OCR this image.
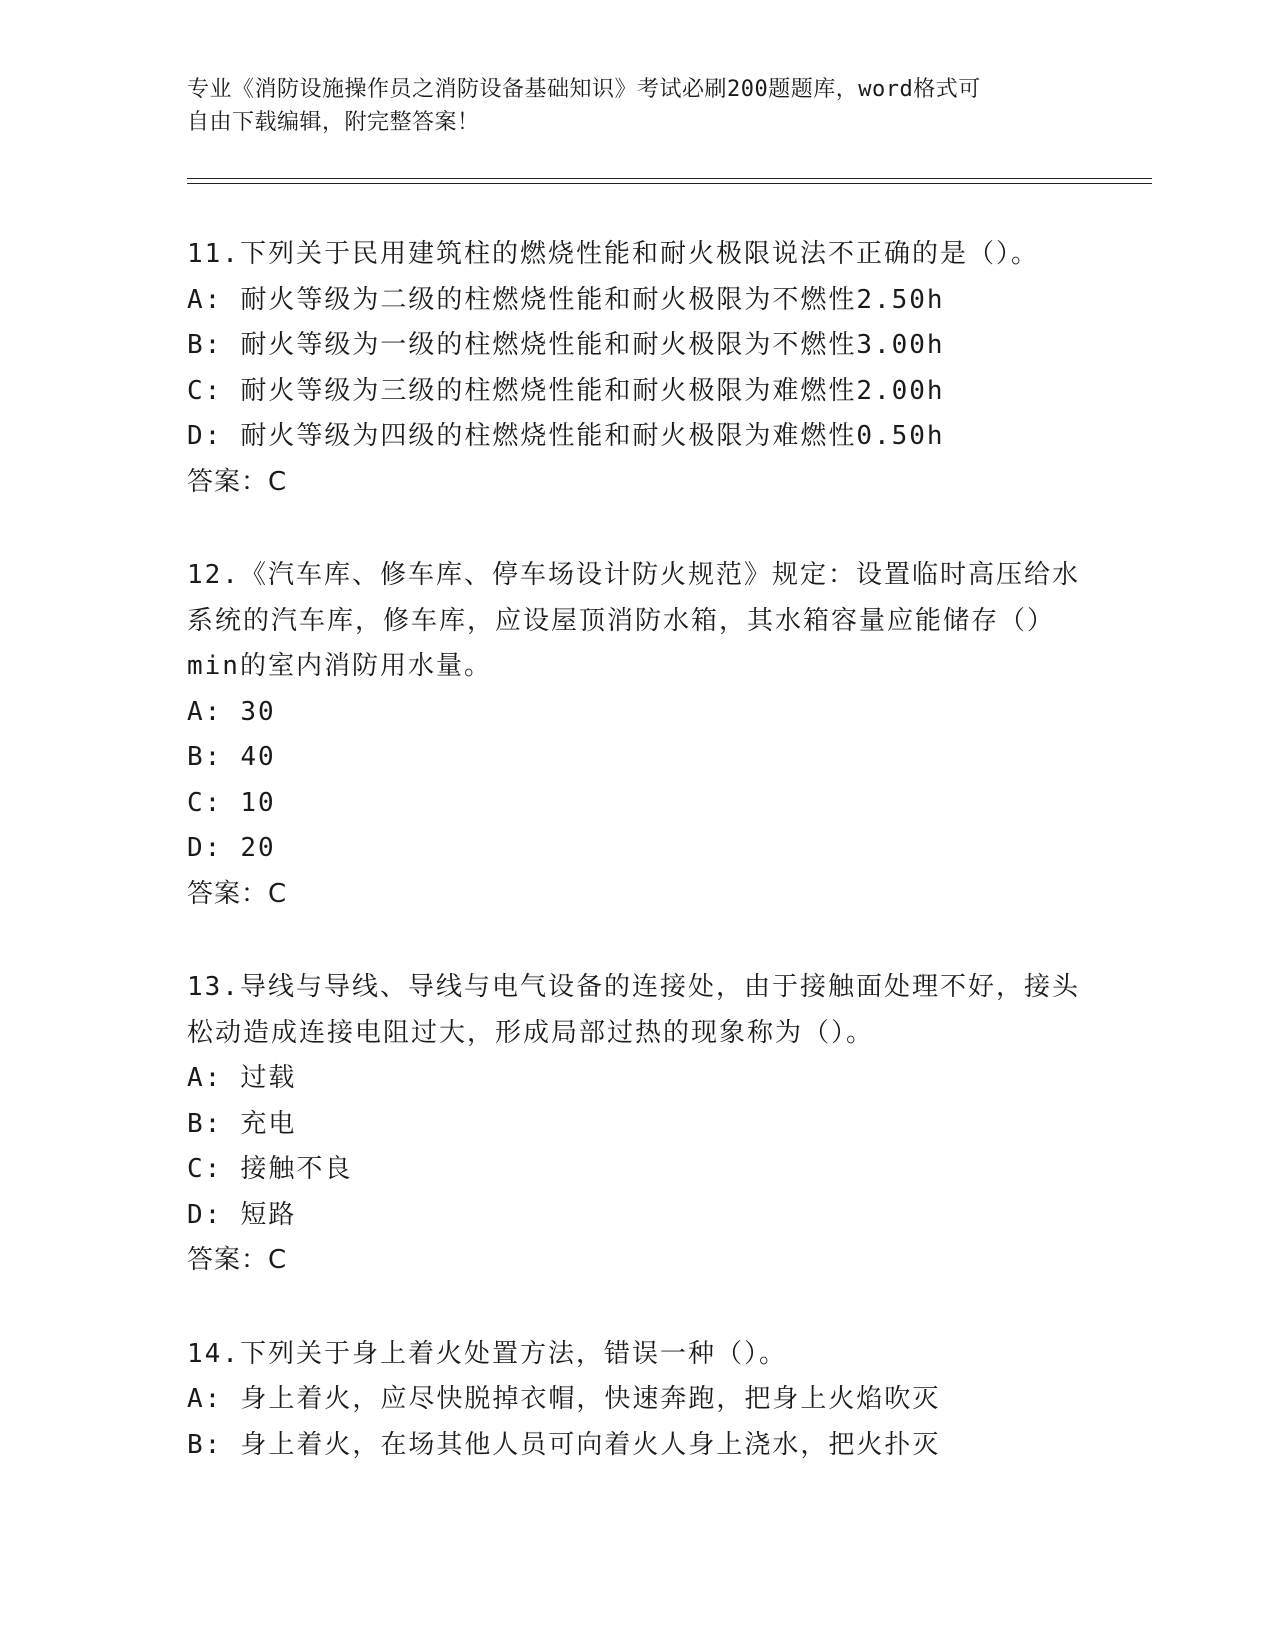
专业《消防设施操作员之消防设备基础知识》考试必刷200题题库，word格式可
自由下载编辑，附完整答案！

11.下列关于民用建筑柱的燃烧性能和耐火极限说法不正确的是（）。

A: 耐火等级为二级的柱燃烧性能和耐火极限为不燃性2.50h
B: 耐火等级为一级的柱燃烧性能和耐火极限为不燃性3.00h
C: 耐火等级为三级的柱燃烧性能和耐火极限为难燃性2.00h
D: 耐火等级为四级的柱燃烧性能和耐火极限为难燃性0.50h
答案：C

12.《汽车库、修车库、停车场设计防火规范》规定：设置临时高压给水系统的汽车库，修车库，应设屋顶消防水箱，其水箱容量应能储存（）min的室内消防用水量。

A: 30
B: 40
C: 10
D: 20
答案：C

13.导线与导线、导线与电气设备的连接处，由于接触面处理不好，接头松动造成连接电阻过大，形成局部过热的现象称为（）。

A: 过载
B: 充电
C: 接触不良
D: 短路
答案：C

14.下列关于身上着火处置方法，错误一种（）。

A: 身上着火，应尽快脱掉衣帽，快速奔跑，把身上火焰吹灭
B: 身上着火，在场其他人员可向着火人身上浇水，把火扑灭
